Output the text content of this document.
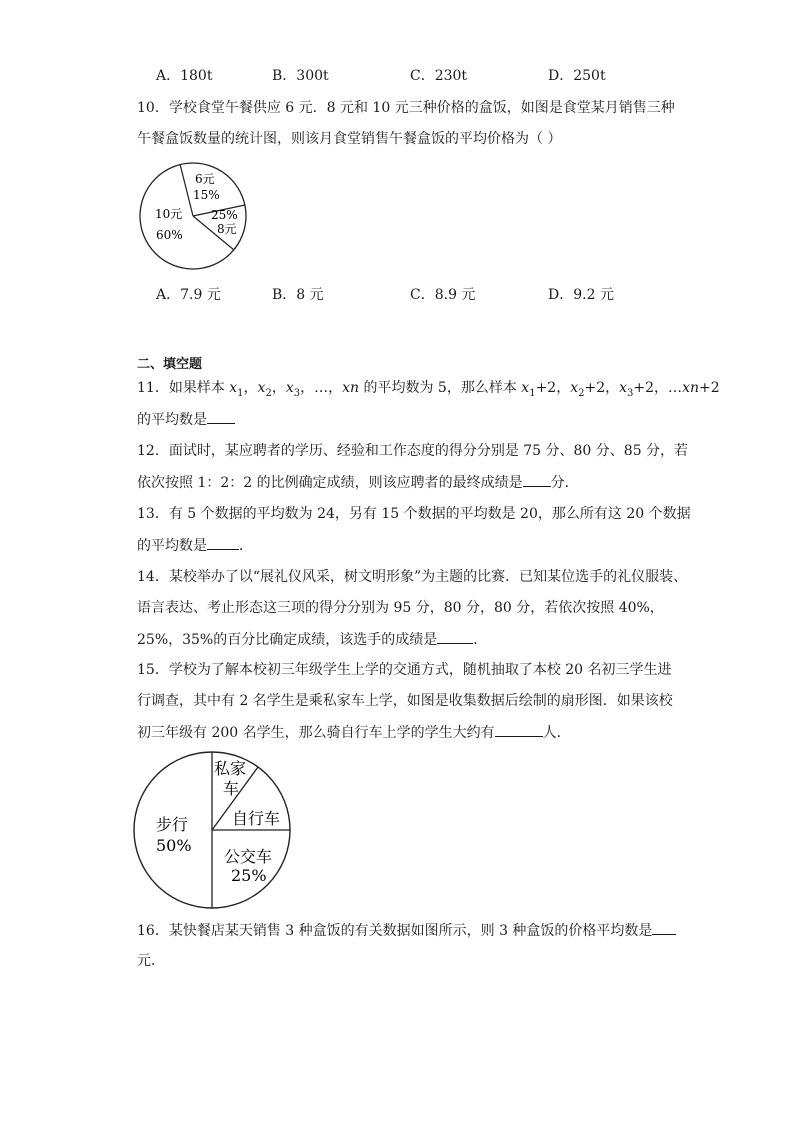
A．180t	B．300t	C．230t	D．250t
10．学校食堂午餐供应 6 元．8 元和 10 元三种价格的盒饭，如图是食堂某月销售三种
午餐盒饭数量的统计图，则该月食堂销售午餐盒饭的平均价格为（ ）
6元
15%
25%
8元
10元
60%
A．7.9 元	B．8 元	C．8.9 元	D．9.2 元
二、填空题
11．如果样本 $x_1$，$x_2$，$x_3$，…，xn 的平均数为 5，那么样本 $x_1+2$，$x_2+2$，$x_3+2$，…xn+2
的平均数是
12．面试时，某应聘者的学历、经验和工作态度的得分分别是 75 分、80 分、85 分，若
依次按照 1：2：2 的比例确定成绩，则该应聘者的最终成绩是 分．
13．有 5 个数据的平均数为 24，另有 15 个数据的平均数是 20，那么所有这 20 个数据
的平均数是 ．
14．某校举办了以“展礼仪风采，树文明形象”为主题的比赛．已知某位选手的礼仪服装、
语言表达、考止形态这三项的得分分别为 95 分，80 分，80 分，若依次按照 40%，
25%，35%的百分比确定成绩，该选手的成绩是	．
15．学校为了解本校初三年级学生上学的交通方式，随机抽取了本校 20 名初三学生进
行调查，其中有 2 名学生是乘私家车上学，如图是收集数据后绘制的扇形图．如果该校
初三年级有 200 名学生，那么骑自行车上学的学生大约有	人．
私家
车
自行车
步行
50%
公交车
25%
16．某快餐店某天销售 3 种盒饭的有关数据如图所示，则 3 种盒饭的价格平均数是
元．
